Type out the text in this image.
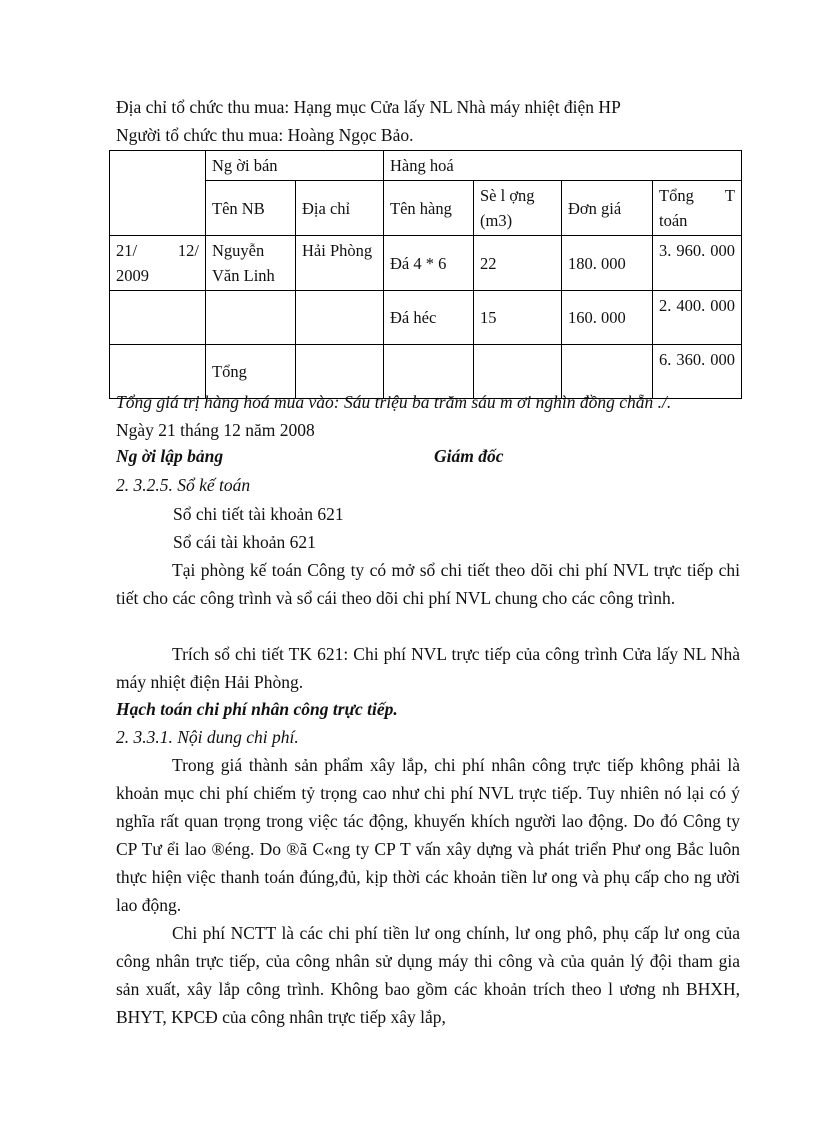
Địa chỉ tổ chức thu mua: Hạng mục Cửa lấy NL Nhà máy nhiệt điện HP
Người tổ chức thu mua: Hoàng Ngọc Bảo.
	Ng ời bán		Hàng hoá			
	Tên NB	Địa chỉ	Tên hàng	Sè l ợng (m3)	Đơn giá	Tổng T toán
21/ 12/ 2009	Nguyễn Văn Linh	Hải Phòng	Đá 4 * 6	22	180. 000	3. 960. 000
			Đá héc	15	160. 000	2. 400. 000
	Tổng					6. 360. 000
Tổng giá trị hàng hoá mua vào: Sáu triệu ba trăm sáu m ơi nghìn đồng chẵn ./.
Ngày 21 tháng 12 năm 2008
Ng ời lập bảng	Giám đốc
2. 3.2.5. Sổ kế toán
Sổ chi tiết tài khoản 621
Sổ cái tài khoản 621

Tại phòng kế toán Công ty có mở sổ chi tiết theo dõi chi phí NVL trực tiếp chi tiết cho các công trình và sổ cái theo dõi chi phí NVL chung cho các công trình.

Trích sổ chi tiết TK 621: Chi phí NVL trực tiếp của công trình Cửa lấy NL Nhà máy nhiệt điện Hải Phòng.

Hạch toán chi phí nhân công trực tiếp.
2. 3.3.1. Nội dung chi phí.

Trong giá thành sản phẩm xây lắp, chi phí nhân công trực tiếp không phải là khoản mục chi phí chiếm tỷ trọng cao như chi phí NVL trực tiếp. Tuy nhiên nó lại có ý nghĩa rất quan trọng trong việc tác động, khuyến khích người lao động. Do đó Công ty CP Tư ểi lao ®éng. Do ®ã C«ng ty CP T vấn xây dựng và phát triển Phư ong Bắc luôn thực hiện việc thanh toán đúng,đủ, kịp thời các khoản tiền lư ong và phụ cấp cho ng ười lao động.

Chi phí NCTT là các chi phí tiền lư ong chính, lư ong phô, phụ cấp lư ong của công nhân trực tiếp, của công nhân sử dụng máy thi công và của quản lý đội tham gia sản xuất, xây lắp công trình. Không bao gồm các khoản trích theo l ương nh BHXH, BHYT, KPCĐ của công nhân trực tiếp xây lắp,
